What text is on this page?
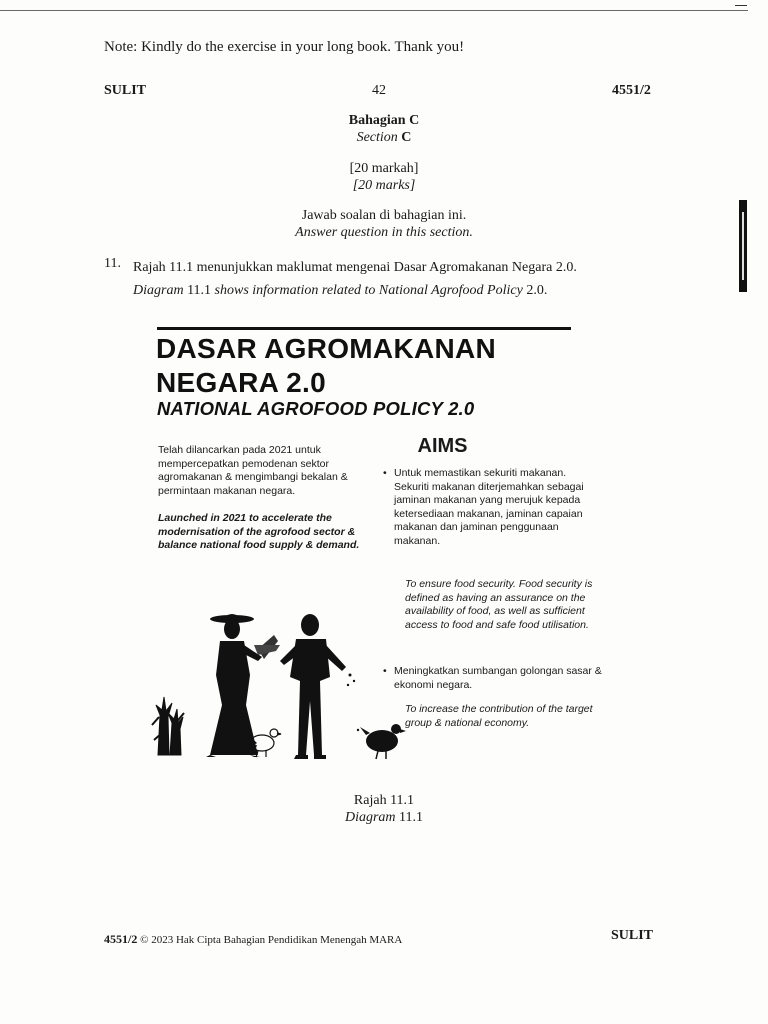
Note: Kindly do the exercise in your long book. Thank you!
SULIT	42	4551/2
Bahagian C
Section C
[20 markah]
[20 marks]
Jawab soalan di bahagian ini.
Answer question in this section.
11. Rajah 11.1 menunjukkan maklumat mengenai Dasar Agromakanan Negara 2.0.
Diagram 11.1 shows information related to National Agrofood Policy 2.0.
DASAR AGROMAKANAN
NEGARA 2.0
NATIONAL AGROFOOD POLICY 2.0
Telah dilancarkan pada 2021 untuk mempercepatkan pemodenan sektor agromakanan & mengimbangi bekalan & permintaan makanan negara.
Launched in 2021 to accelerate the modernisation of the agrofood sector & balance national food supply & demand.
AIMS
• Untuk memastikan sekuriti makanan. Sekuriti makanan diterjemahkan sebagai jaminan makanan yang merujuk kepada ketersediaan makanan, jaminan capaian makanan dan jaminan penggunaan makanan.
To ensure food security. Food security is defined as having an assurance on the availability of food, as well as sufficient access to food and safe food utilisation.
• Meningkatkan sumbangan golongan sasar & ekonomi negara.
To increase the contribution of the target group & national economy.
Rajah 11.1
Diagram 11.1
4551/2 © 2023 Hak Cipta Bahagian Pendidikan Menengah MARA	SULIT
